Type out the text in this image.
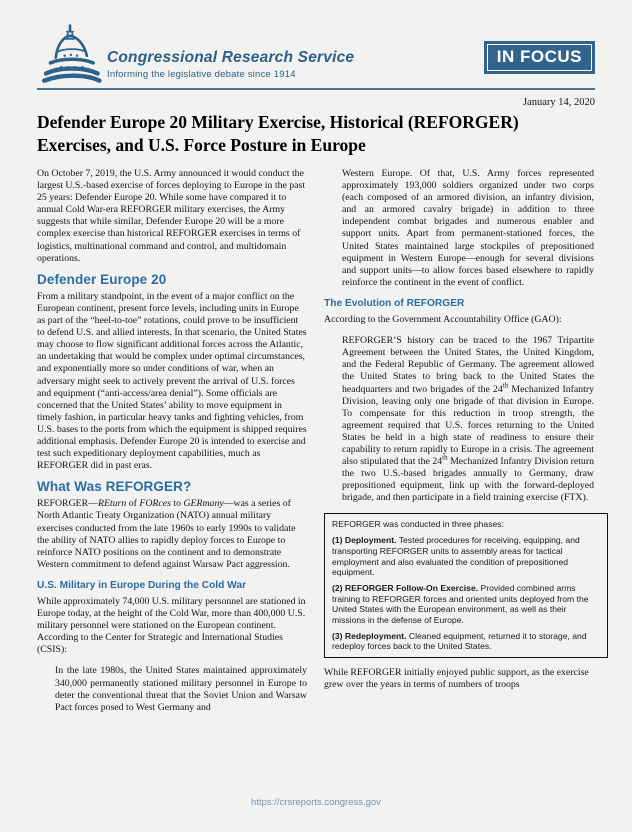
Congressional Research Service
Informing the legislative debate since 1914
IN FOCUS
January 14, 2020
Defender Europe 20 Military Exercise, Historical (REFORGER) Exercises, and U.S. Force Posture in Europe

On October 7, 2019, the U.S. Army announced it would conduct the largest U.S.-based exercise of forces deploying to Europe in the past 25 years: Defender Europe 20. While some have compared it to annual Cold War-era REFORGER military exercises, the Army suggests that while similar, Defender Europe 20 will be a more complex exercise than historical REFORGER exercises in terms of logistics, multinational command and control, and multidomain operations.

Defender Europe 20

From a military standpoint, in the event of a major conflict on the European continent, present force levels, including units in Europe as part of the “heel-to-toe” rotations, could prove to be insufficient to defend U.S. and allied interests. In that scenario, the United States may choose to flow significant additional forces across the Atlantic, an undertaking that would be complex under optimal circumstances, and exponentially more so under conditions of war, when an adversary might seek to actively prevent the arrival of U.S. forces and equipment (“anti-access/area denial”). Some officials are concerned that the United States’ ability to move equipment in timely fashion, in particular heavy tanks and fighting vehicles, from U.S. bases to the ports from which the equipment is shipped requires additional emphasis. Defender Europe 20 is intended to exercise and test such expeditionary deployment capabilities, much as REFORGER did in past eras.

What Was REFORGER?

REFORGER—REturn of FORces to GERmany—was a series of North Atlantic Treaty Organization (NATO) annual military exercises conducted from the late 1960s to early 1990s to validate the ability of NATO allies to rapidly deploy forces to Europe to reinforce NATO positions on the continent and to demonstrate Western commitment to defend against Warsaw Pact aggression.

U.S. Military in Europe During the Cold War

While approximately 74,000 U.S. military personnel are stationed in Europe today, at the height of the Cold War, more than 400,000 U.S. military personnel were stationed on the European continent. According to the Center for Strategic and International Studies (CSIS):

In the late 1980s, the United States maintained approximately 340,000 permanently stationed military personnel in Europe to deter the conventional threat that the Soviet Union and Warsaw Pact forces posed to West Germany and
Western Europe. Of that, U.S. Army forces represented approximately 193,000 soldiers organized under two corps (each composed of an armored division, an infantry division, and an armored cavalry brigade) in addition to three independent combat brigades and numerous enabler and support units. Apart from permanent-stationed forces, the United States maintained large stockpiles of prepositioned equipment in Western Europe—enough for several divisions and support units—to allow forces based elsewhere to rapidly reinforce the continent in the event of conflict.
The Evolution of REFORGER

According to the Government Accountability Office (GAO):

REFORGER’S history can be traced to the 1967 Tripartite Agreement between the United States, the United Kingdom, and the Federal Republic of Germany. The agreement allowed the United States to bring back to the United States the headquarters and two brigades of the 24th Mechanized Infantry Division, leaving only one brigade of that division in Europe. To compensate for this reduction in troop strength, the agreement required that U.S. forces returning to the United States be held in a high state of readiness to ensure their capability to return rapidly to Europe in a crisis. The agreement also stipulated that the 24th Mechanized Infantry Division return the two U.S.-based brigades annually to Germany, draw prepositioned equipment, link up with the forward-deployed brigade, and then participate in a field training exercise (FTX).

REFORGER was conducted in three phases:

(1) Deployment. Tested procedures for receiving, equipping, and transporting REFORGER units to assembly areas for tactical employment and also evaluated the condition of prepositioned equipment.

(2) REFORGER Follow-On Exercise. Provided combined arms training to REFORGER forces and oriented units deployed from the United States with the European environment, as well as their missions in the defense of Europe.

(3) Redeployment. Cleaned equipment, returned it to storage, and redeploy forces back to the United States.

While REFORGER initially enjoyed public support, as the exercise grew over the years in terms of numbers of troops

https://crsreports.congress.gov
